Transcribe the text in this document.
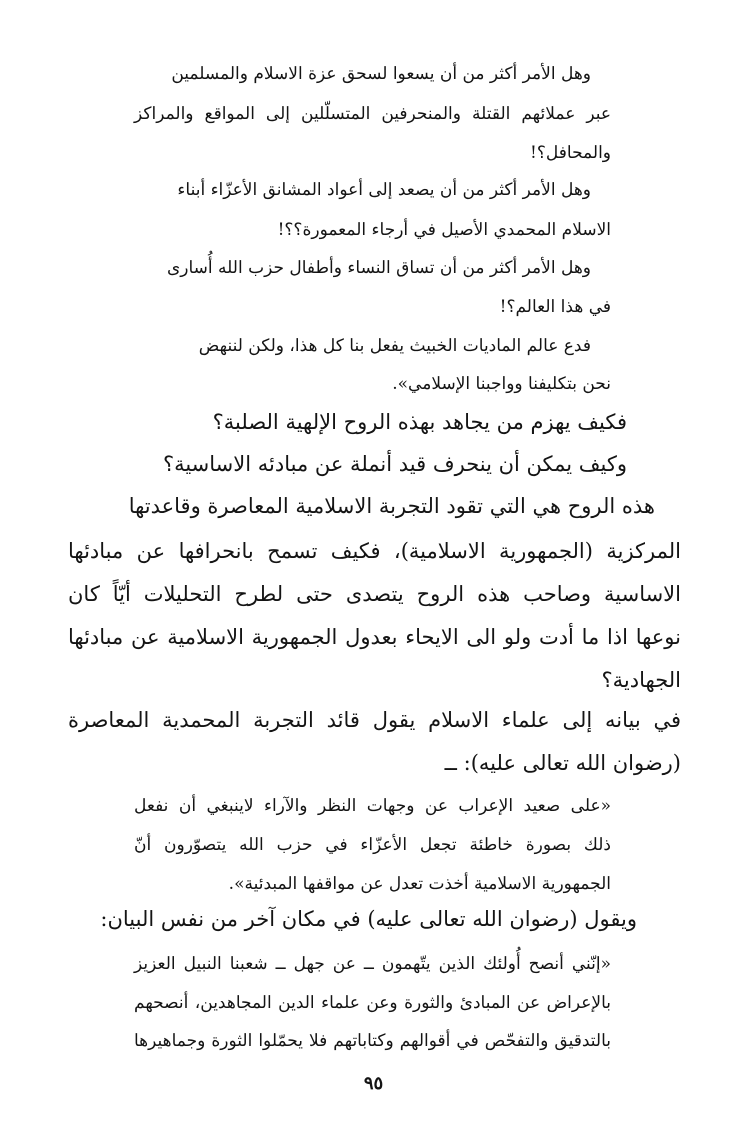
وهل الأمر أكثر من أن يسعوا لسحق عزة الاسلام والمسلمين
عبر عملائهم القتلة والمنحرفين المتسلّلين إلى المواقع والمراكز
والمحافل؟!
وهل الأمر أكثر من أن يصعد إلى أعواد المشانق الأعزّاء أبناء
الاسلام المحمدي الأصيل في أرجاء المعمورة؟؟!
وهل الأمر أكثر من أن تساق النساء وأطفال حزب الله أُسارى
في هذا العالم؟!
فدع عالم الماديات الخبيث يفعل بنا كل هذا، ولكن لننهض
نحن بتكليفنا وواجبنا الإسلامي».
فكيف يهزم من يجاهد بهذه الروح الإلهية الصلبة؟
وكيف يمكن أن ينحرف قيد أنملة عن مبادئه الاساسية؟
هذه الروح هي التي تقود التجربة الاسلامية المعاصرة وقاعدتها
المركزية (الجمهورية الاسلامية)، فكيف تسمح بانحرافها عن مبادئها
الاساسية وصاحب هذه الروح يتصدى حتى لطرح التحليلات أيّاً كان
نوعها اذا ما أدت ولو الى الايحاء بعدول الجمهورية الاسلامية عن مبادئها
الجهادية؟
في بيانه إلى علماء الاسلام يقول قائد التجربة المحمدية المعاصرة
(رضوان الله تعالى عليه): ــ
«على صعيد الإعراب عن وجهات النظر والآراء لاينبغي أن نفعل
ذلك بصورة خاطئة تجعل الأعزّاء في حزب الله يتصوّرون أنّ
الجمهورية الاسلامية أخذت تعدل عن مواقفها المبدئية».
ويقول (رضوان الله تعالى عليه) في مكان آخر من نفس البيان:
«إنّني أنصح أُولئك الذين يتّهمون ــ عن جهل ــ شعبنا النبيل العزيز
بالإعراض عن المبادئ والثورة وعن علماء الدين المجاهدين، أنصحهم
بالتدقيق والتفحّص في أقوالهم وكتاباتهم فلا يحمّلوا الثورة وجماهيرها
٩٥
